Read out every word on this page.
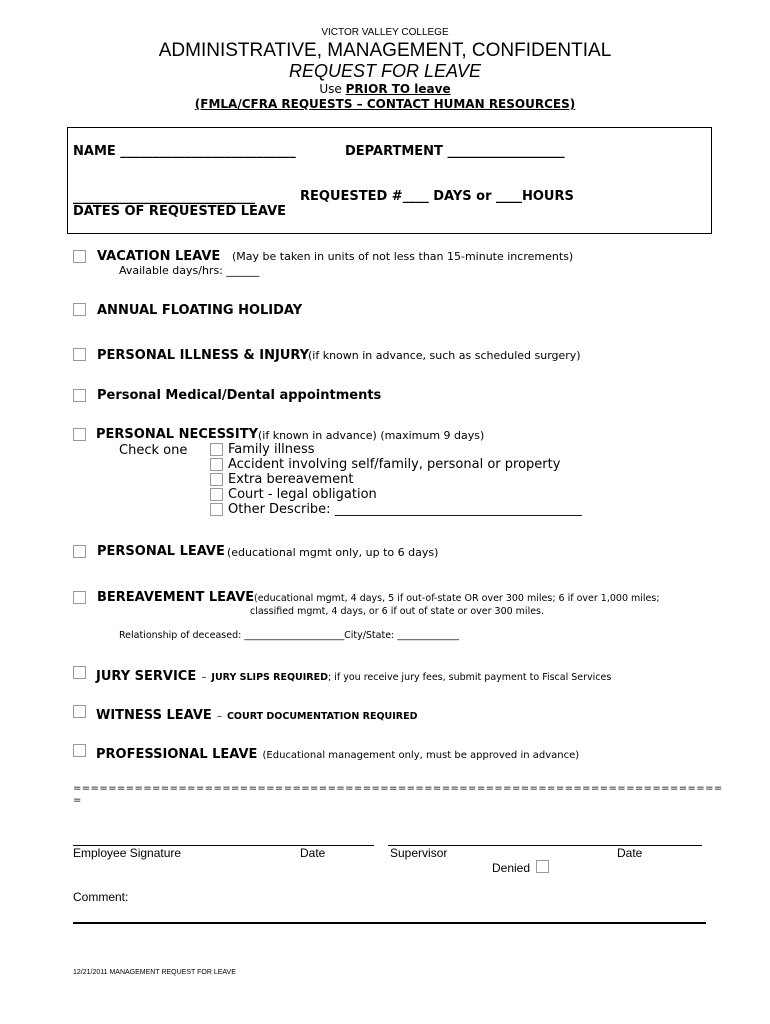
VICTOR VALLEY COLLEGE
ADMINISTRATIVE, MANAGEMENT, CONFIDENTIAL
REQUEST FOR LEAVE
Use PRIOR TO leave
(FMLA/CFRA REQUESTS – CONTACT HUMAN RESOURCES)
NAME ___________________________	DEPARTMENT __________________
____________________________	REQUESTED #____ DAYS or ____HOURS
DATES OF REQUESTED LEAVE
VACATION LEAVE (May be taken in units of not less than 15-minute increments)
Available days/hrs: ______
ANNUAL FLOATING HOLIDAY
PERSONAL ILLNESS & INJURY
(if known in advance, such as scheduled surgery)
Personal Medical/Dental appointments
PERSONAL NECESSITY (if known in advance) (maximum 9 days)
Check one	Family illness
Accident involving self/family, personal or property
Extra bereavement
Court - legal obligation
Other Describe: ______________________________________
PERSONAL LEAVE (educational mgmt only, up to 6 days)
BEREAVEMENT LEAVE (educational mgmt, 4 days, 5 if out-of-state OR over 300 miles; 6 if over 1,000 miles;
classified mgmt, 4 days, or 6 if out of state or over 300 miles.
Relationship of deceased: _____________________City/State: _____________
JURY SERVICE – JURY SLIPS REQUIRED; if you receive jury fees, submit payment to Fiscal Services
WITNESS LEAVE – COURT DOCUMENTATION REQUIRED
PROFESSIONAL LEAVE (Educational management only, must be approved in advance)
==========================================================================
=
Employee Signature	Date	Supervisor	Date
Denied
Comment:
12/21/2011 MANAGEMENT REQUEST FOR LEAVE
